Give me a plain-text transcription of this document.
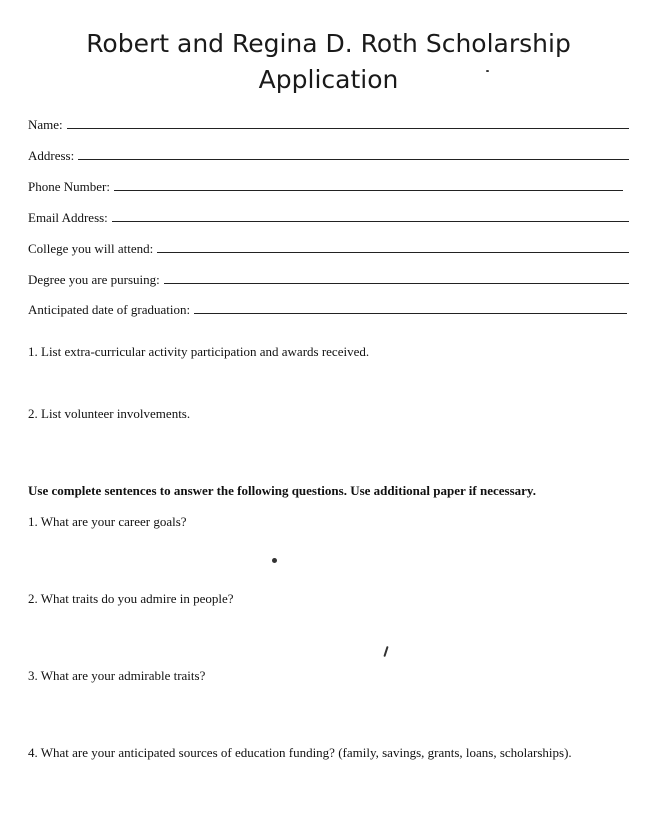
Robert and Regina D. Roth Scholarship
Application
Name:
Address:
Phone Number:
Email Address:
College you will attend:
Degree you are pursuing:
Anticipated date of graduation:
1. List extra-curricular activity participation and awards received.
2. List volunteer involvements.
Use complete sentences to answer the following questions. Use additional paper if necessary.
1. What are your career goals?
2. What traits do you admire in people?
3. What are your admirable traits?
4. What are your anticipated sources of education funding? (family, savings, grants, loans, scholarships).
